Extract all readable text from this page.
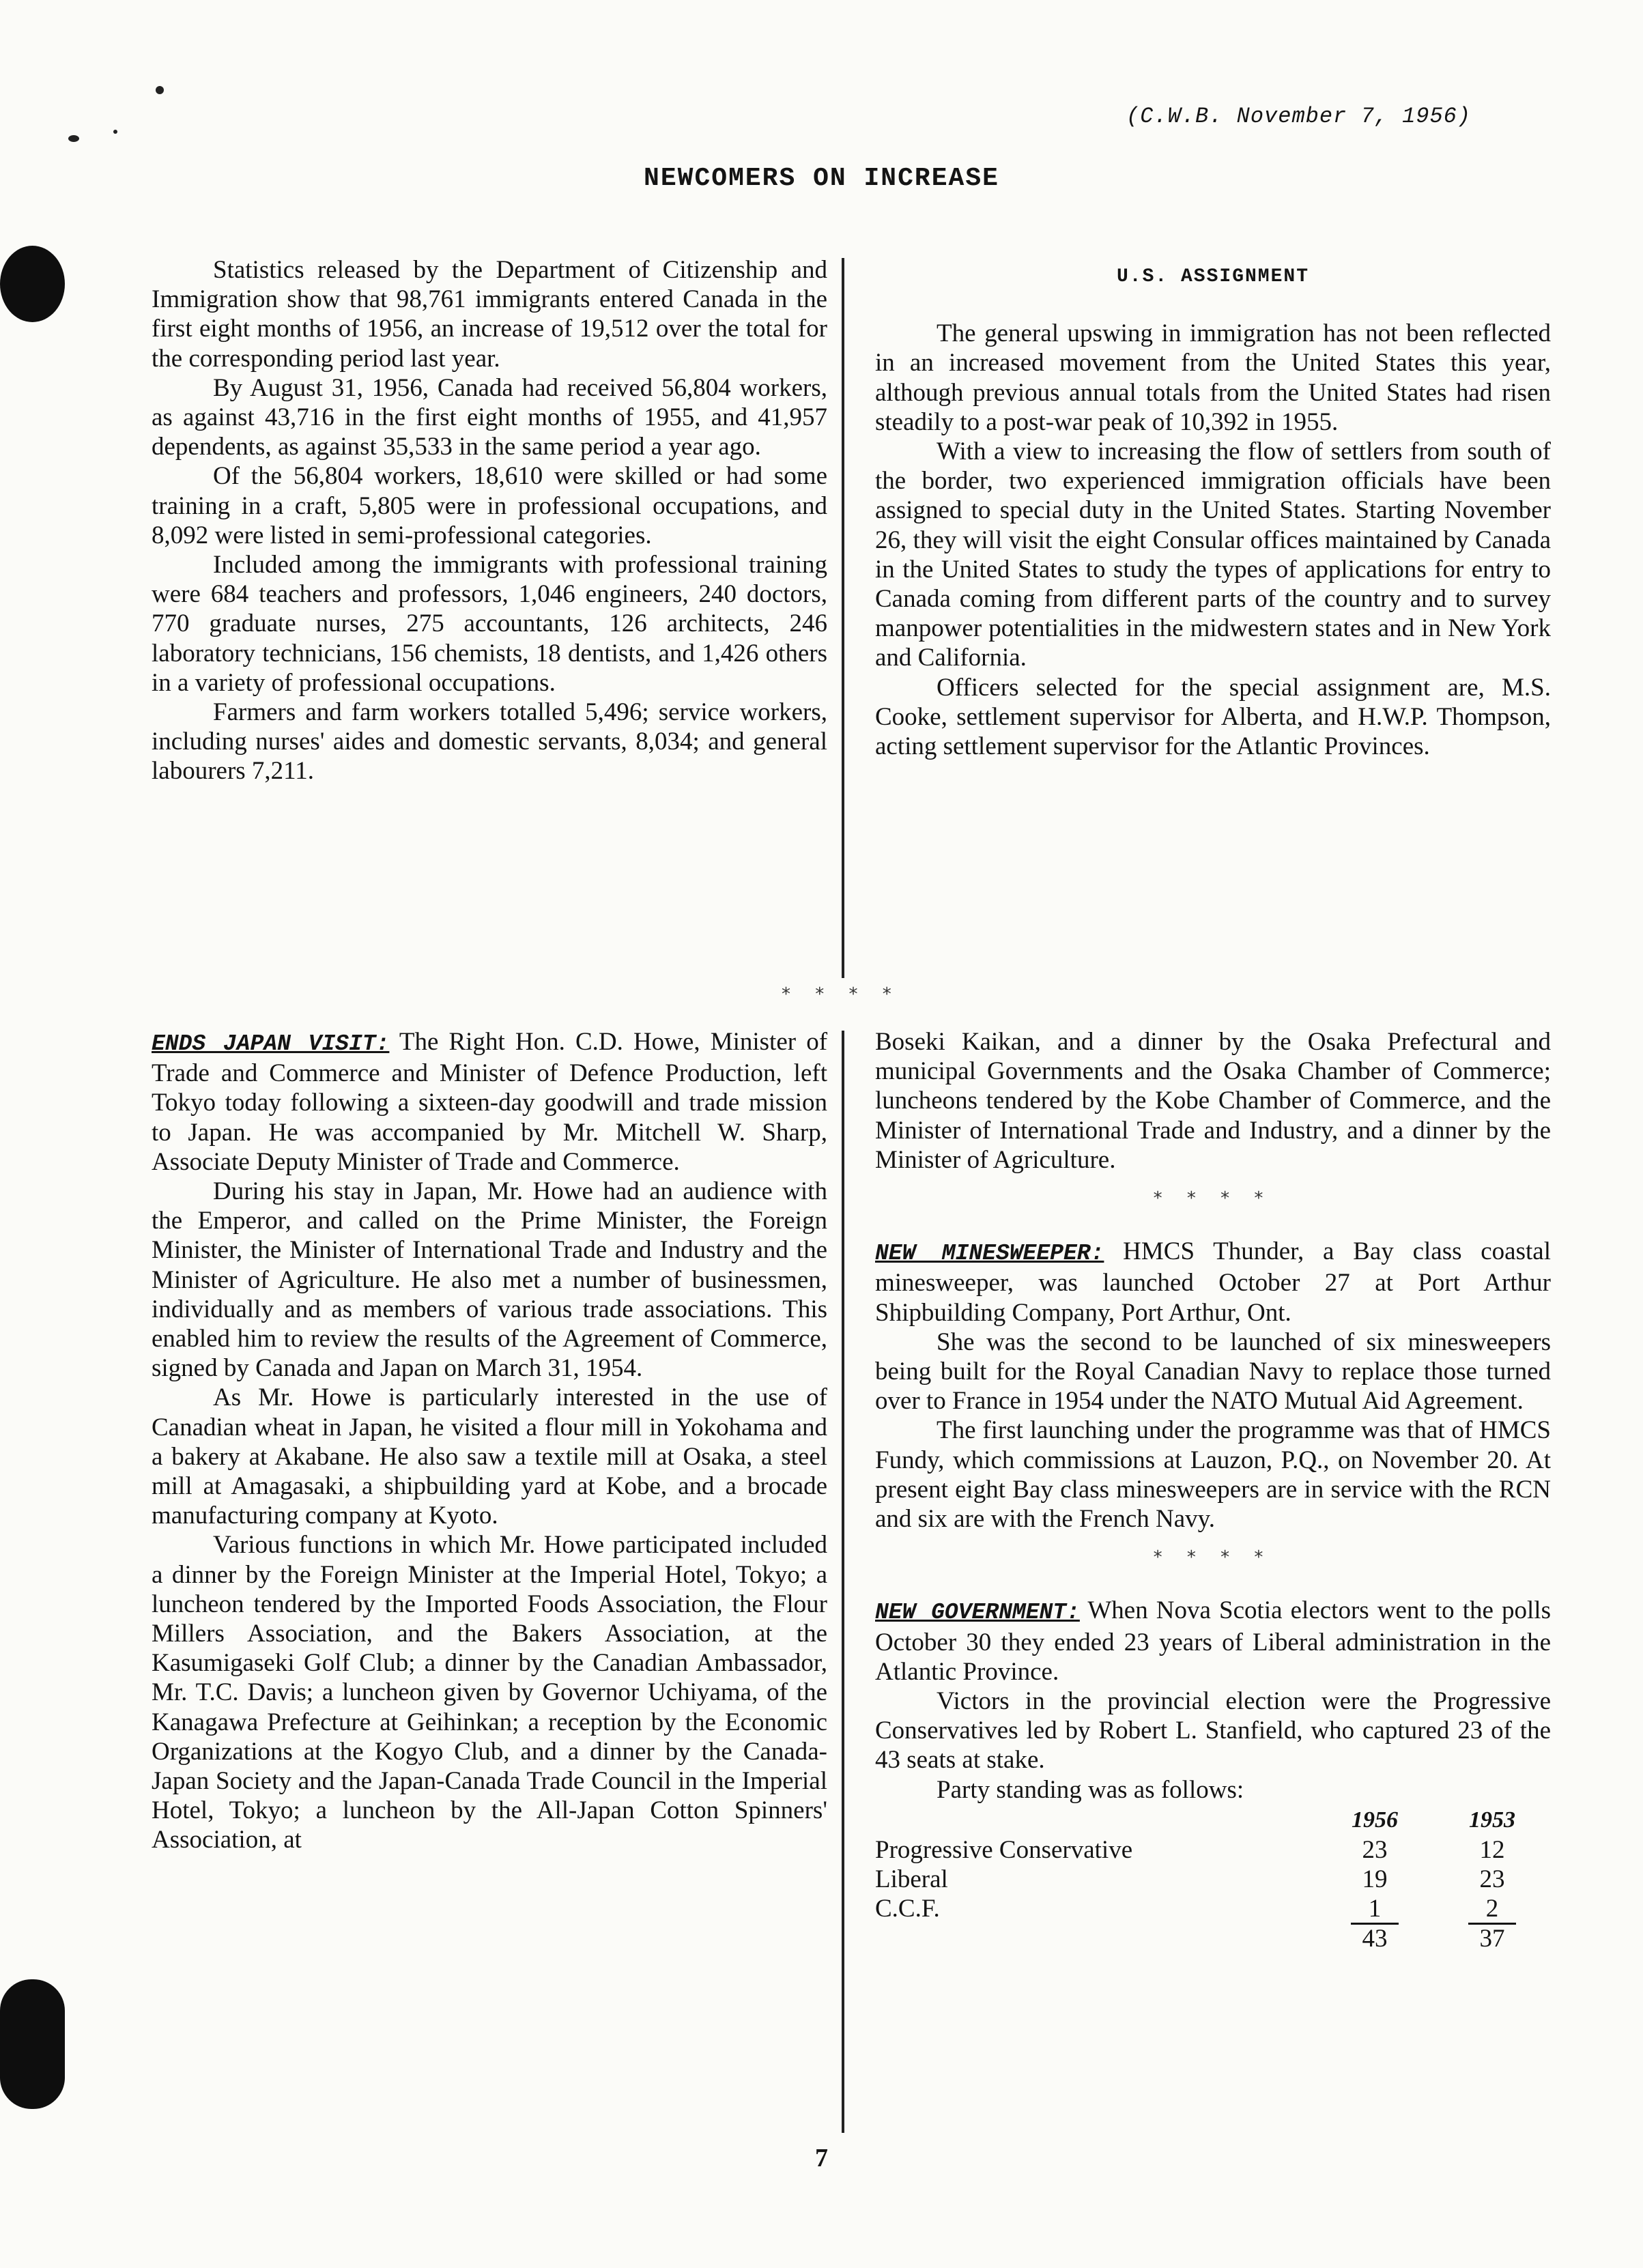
(C.W.B. November 7, 1956)
NEWCOMERS ON INCREASE

Statistics released by the Department of Citizenship and Immigration show that 98,761 immigrants entered Canada in the first eight months of 1956, an increase of 19,512 over the total for the corresponding period last year.

By August 31, 1956, Canada had received 56,804 workers, as against 43,716 in the first eight months of 1955, and 41,957 dependents, as against 35,533 in the same period a year ago.

Of the 56,804 workers, 18,610 were skilled or had some training in a craft, 5,805 were in professional occupations, and 8,092 were listed in semi-professional categories.

Included among the immigrants with professional training were 684 teachers and professors, 1,046 engineers, 240 doctors, 770 graduate nurses, 275 accountants, 126 architects, 246 laboratory technicians, 156 chemists, 18 dentists, and 1,426 others in a variety of professional occupations.

Farmers and farm workers totalled 5,496; service workers, including nurses' aides and domestic servants, 8,034; and general labourers 7,211.

U.S. ASSIGNMENT

The general upswing in immigration has not been reflected in an increased movement from the United States this year, although previous annual totals from the United States had risen steadily to a post-war peak of 10,392 in 1955.

With a view to increasing the flow of settlers from south of the border, two experienced immigration officials have been assigned to special duty in the United States. Starting November 26, they will visit the eight Consular offices maintained by Canada in the United States to study the types of applications for entry to Canada coming from different parts of the country and to survey manpower potentialities in the midwestern states and in New York and California.

Officers selected for the special assignment are, M.S. Cooke, settlement supervisor for Alberta, and H.W.P. Thompson, acting settlement supervisor for the Atlantic Provinces.

* * * *

ENDS JAPAN VISIT: The Right Hon. C.D. Howe, Minister of Trade and Commerce and Minister of Defence Production, left Tokyo today following a sixteen-day goodwill and trade mission to Japan. He was accompanied by Mr. Mitchell W. Sharp, Associate Deputy Minister of Trade and Commerce.

During his stay in Japan, Mr. Howe had an audience with the Emperor, and called on the Prime Minister, the Foreign Minister, the Minister of International Trade and Industry and the Minister of Agriculture. He also met a number of businessmen, individually and as members of various trade associations. This enabled him to review the results of the Agreement of Commerce, signed by Canada and Japan on March 31, 1954.

As Mr. Howe is particularly interested in the use of Canadian wheat in Japan, he visited a flour mill in Yokohama and a bakery at Akabane. He also saw a textile mill at Osaka, a steel mill at Amagasaki, a shipbuilding yard at Kobe, and a brocade manufacturing company at Kyoto.

Various functions in which Mr. Howe participated included a dinner by the Foreign Minister at the Imperial Hotel, Tokyo; a luncheon tendered by the Imported Foods Association, the Flour Millers Association, and the Bakers Association, at the Kasumigaseki Golf Club; a dinner by the Canadian Ambassador, Mr. T.C. Davis; a luncheon given by Governor Uchiyama, of the Kanagawa Prefecture at Geihinkan; a reception by the Economic Organizations at the Kogyo Club, and a dinner by the Canada-Japan Society and the Japan-Canada Trade Council in the Imperial Hotel, Tokyo; a luncheon by the All-Japan Cotton Spinners' Association, at

Boseki Kaikan, and a dinner by the Osaka Prefectural and municipal Governments and the Osaka Chamber of Commerce; luncheons tendered by the Kobe Chamber of Commerce, and the Minister of International Trade and Industry, and a dinner by the Minister of Agriculture.

* * * *

NEW MINESWEEPER: HMCS Thunder, a Bay class coastal minesweeper, was launched October 27 at Port Arthur Shipbuilding Company, Port Arthur, Ont.

She was the second to be launched of six minesweepers being built for the Royal Canadian Navy to replace those turned over to France in 1954 under the NATO Mutual Aid Agreement.

The first launching under the programme was that of HMCS Fundy, which commissions at Lauzon, P.Q., on November 20. At present eight Bay class minesweepers are in service with the RCN and six are with the French Navy.

* * * *

NEW GOVERNMENT: When Nova Scotia electors went to the polls October 30 they ended 23 years of Liberal administration in the Atlantic Province.

Victors in the provincial election were the Progressive Conservatives led by Robert L. Stanfield, who captured 23 of the 43 seats at stake.

Party standing was as follows:

	1956	1953
Progressive Conservative	23	12
Liberal	19	23
C.C.F.	1	2
	43	37
7
